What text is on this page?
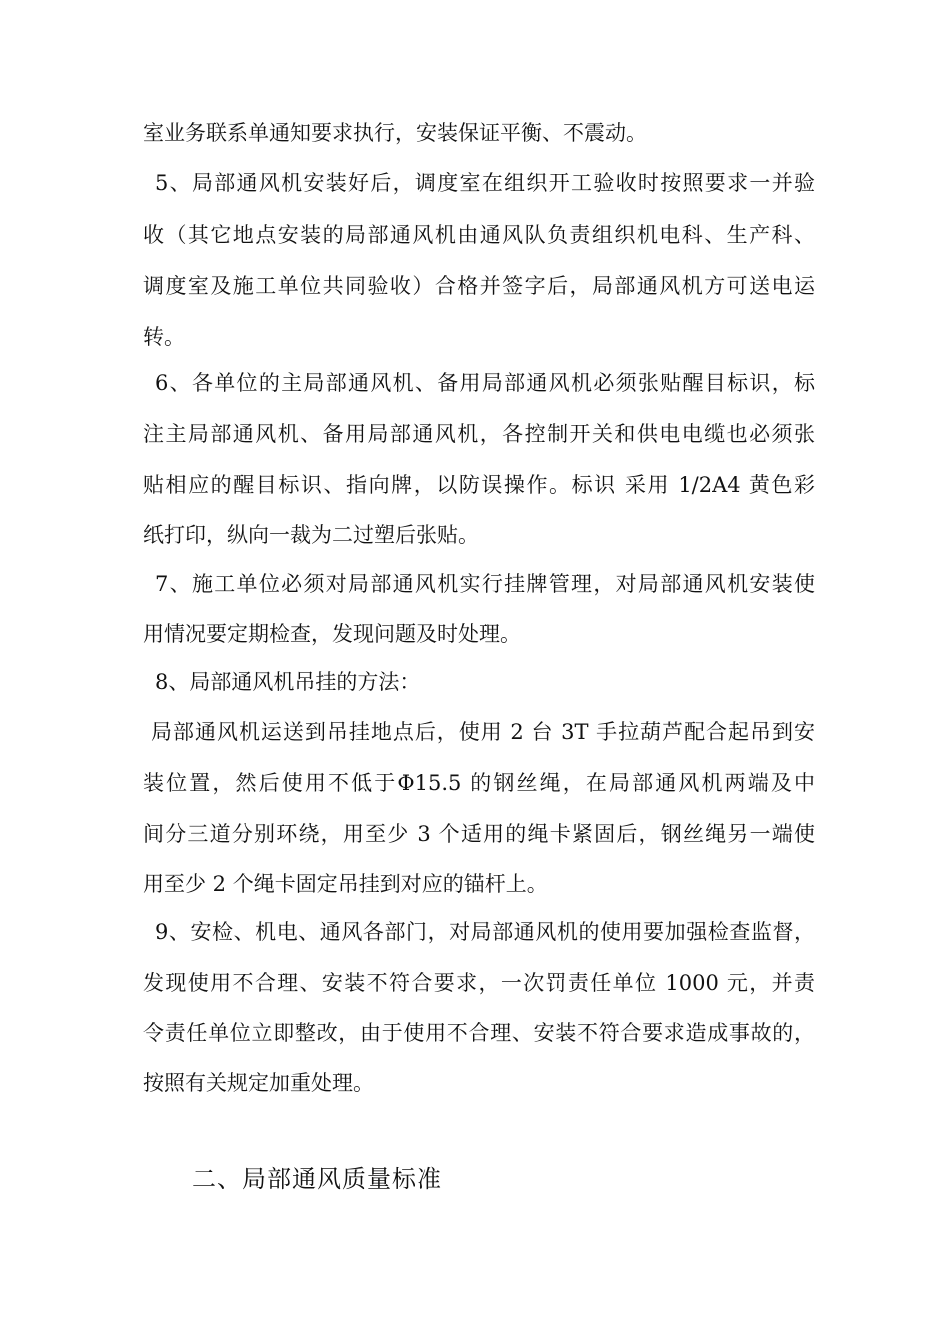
室业务联系单通知要求执行，安装保证平衡、不震动。
5、局部通风机安装好后，调度室在组织开工验收时按照要求一并验
收（其它地点安装的局部通风机由通风队负责组织机电科、生产科、
调度室及施工单位共同验收）合格并签字后，局部通风机方可送电运
转。
6、各单位的主局部通风机、备用局部通风机必须张贴醒目标识，标
注主局部通风机、备用局部通风机，各控制开关和供电电缆也必须张
贴相应的醒目标识、指向牌，以防误操作。标识 采用 1/2A4 黄色彩
纸打印，纵向一裁为二过塑后张贴。
7、施工单位必须对局部通风机实行挂牌管理，对局部通风机安装使
用情况要定期检查，发现问题及时处理。
8、局部通风机吊挂的方法：
局部通风机运送到吊挂地点后，使用 2 台 3T 手拉葫芦配合起吊到安
装位置，然后使用不低于Φ15.5 的钢丝绳，在局部通风机两端及中
间分三道分别环绕，用至少 3 个适用的绳卡紧固后，钢丝绳另一端使
用至少 2 个绳卡固定吊挂到对应的锚杆上。
9、安检、机电、通风各部门，对局部通风机的使用要加强检查监督，
发现使用不合理、安装不符合要求，一次罚责任单位 1000 元，并责
令责任单位立即整改，由于使用不合理、安装不符合要求造成事故的，
按照有关规定加重处理。
二、局部通风质量标准
